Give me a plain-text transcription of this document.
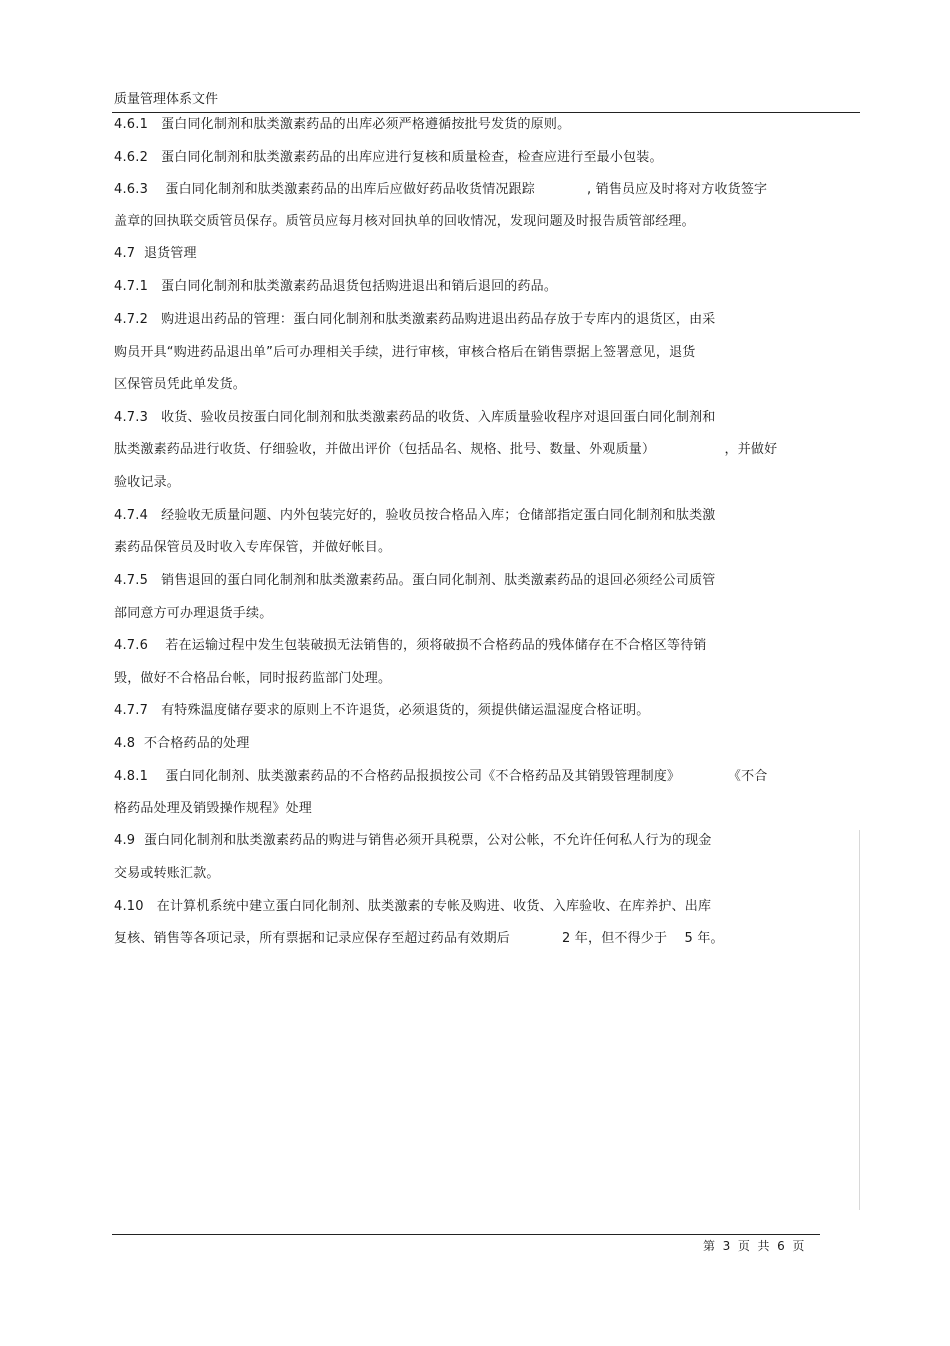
质量管理体系文件
4.6.1   蛋白同化制剂和肽类激素药品的出库必须严格遵循按批号发货的原则。
4.6.2   蛋白同化制剂和肽类激素药品的出库应进行复核和质量检查，检查应进行至最小包装。
4.6.3    蛋白同化制剂和肽类激素药品的出库后应做好药品收货情况跟踪            , 销售员应及时将对方收货签字
盖章的回执联交质管员保存。质管员应每月核对回执单的回收情况，发现问题及时报告质管部经理。
4.7  退货管理
4.7.1   蛋白同化制剂和肽类激素药品退货包括购进退出和销后退回的药品。
4.7.2   购进退出药品的管理：蛋白同化制剂和肽类激素药品购进退出药品存放于专库内的退货区，由采
购员开具“购进药品退出单”后可办理相关手续，进行审核，审核合格后在销售票据上签署意见，退货
区保管员凭此单发货。
4.7.3   收货、验收员按蛋白同化制剂和肽类激素药品的收货、入库质量验收程序对退回蛋白同化制剂和
肽类激素药品进行收货、仔细验收，并做出评价（包括品名、规格、批号、数量、外观质量）                ，并做好
验收记录。
4.7.4   经验收无质量问题、内外包装完好的，验收员按合格品入库；仓储部指定蛋白同化制剂和肽类激
素药品保管员及时收入专库保管，并做好帐目。
4.7.5   销售退回的蛋白同化制剂和肽类激素药品。蛋白同化制剂、肽类激素药品的退回必须经公司质管
部同意方可办理退货手续。
4.7.6    若在运输过程中发生包装破损无法销售的，须将破损不合格药品的残体储存在不合格区等待销
毁，做好不合格品台帐，同时报药监部门处理。
4.7.7   有特殊温度储存要求的原则上不许退货，必须退货的，须提供储运温湿度合格证明。
4.8  不合格药品的处理
4.8.1    蛋白同化制剂、肽类激素药品的不合格药品报损按公司《不合格药品及其销毁管理制度》           《不合
格药品处理及销毁操作规程》处理
4.9  蛋白同化制剂和肽类激素药品的购进与销售必须开具税票，公对公帐，不允许任何私人行为的现金
交易或转账汇款。
4.10   在计算机系统中建立蛋白同化制剂、肽类激素的专帐及购进、收货、入库验收、在库养护、出库
复核、销售等各项记录，所有票据和记录应保存至超过药品有效期后            2 年，但不得少于    5 年。
第  3  页  共  6  页
